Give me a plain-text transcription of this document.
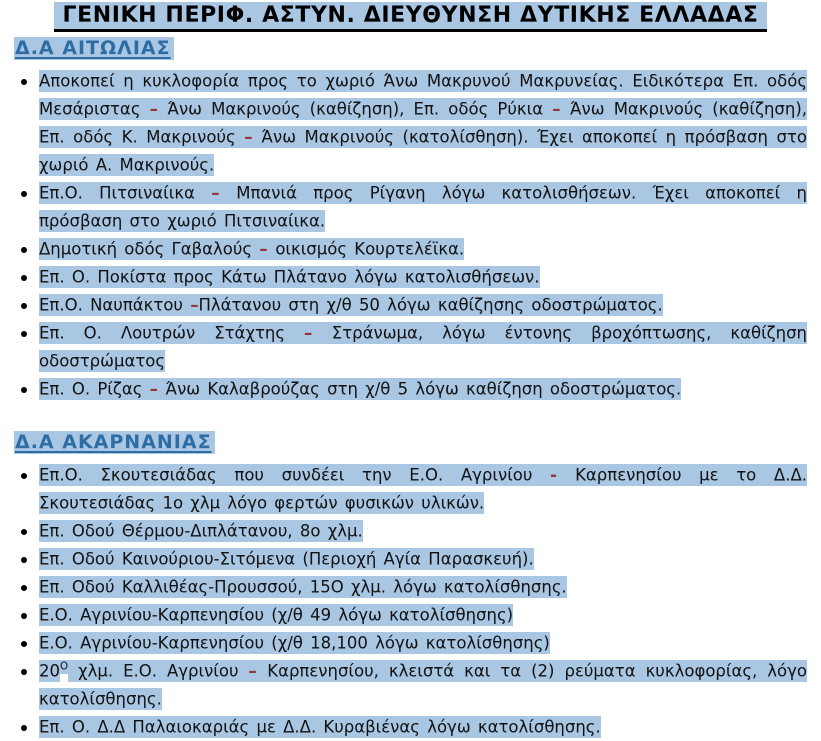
ΓΕΝΙΚΗ ΠΕΡΙΦ. ΑΣΤΥΝ. ΔΙΕΥΘΥΝΣΗ ΔΥΤΙΚΗΣ ΕΛΛΑΔΑΣ
Δ.Α ΑΙΤΩΛΙΑΣ
Αποκοπεί η κυκλοφορία προς το χωριό Άνω Μακρυνού Μακρυνείας. Ειδικότερα Επ. οδός Μεσάριστας – Άνω Μακρινούς (καθίζηση), Επ. οδός Ρύκια – Άνω Μακρινούς (καθίζηση), Επ. οδός Κ. Μακρινούς – Άνω Μακρινούς (κατολίσθηση). Έχει αποκοπεί η πρόσβαση στο χωριό Α. Μακρινούς.
Επ.Ο. Πιτσιναίικα – Μπανιά προς Ρίγανη λόγω κατολισθήσεων. Έχει αποκοπεί η πρόσβαση στο χωριό Πιτσιναίικα.
Δημοτική οδός Γαβαλούς – οικισμός Κουρτελέϊκα.
Επ. Ο. Ποκίστα προς Κάτω Πλάτανο λόγω κατολισθήσεων.
Επ.Ο. Ναυπάκτου –Πλάτανου στη χ/θ 50 λόγω καθίζησης οδοστρώματος.
Επ. Ο. Λουτρών Στάχτης – Στράνωμα, λόγω έντονης βροχόπτωσης, καθίζηση οδοστρώματος
Επ. Ο. Ρίζας – Άνω Καλαβρούζας στη χ/θ 5 λόγω καθίζηση οδοστρώματος.
Δ.Α ΑΚΑΡΝΑΝΙΑΣ
Επ.Ο. Σκουτεσιάδας που συνδέει την Ε.Ο. Αγρινίου - Καρπενησίου με το Δ.Δ. Σκουτεσιάδας 1ο χλμ λόγο φερτών φυσικών υλικών.
Επ. Οδού Θέρμου-Διπλάτανου, 8ο χλμ.
Επ. Οδού Καινούριου-Σιτόμενα (Περιοχή Αγία Παρασκευή).
Επ. Οδού Καλλιθέας-Προυσσού, 15Ο χλμ. λόγω κατολίσθησης.
Ε.Ο. Αγρινίου-Καρπενησίου (χ/θ 49 λόγω κατολίσθησης)
Ε.Ο. Αγρινίου-Καρπενησίου (χ/θ 18,100 λόγω κατολίσθησης)
$20^O$ χλμ. Ε.Ο. Αγρινίου – Καρπενησίου, κλειστά και τα (2) ρεύματα κυκλοφορίας, λόγο κατολίσθησης.
Επ. Ο. Δ.Δ Παλαιοκαριάς με Δ.Δ. Κυραβιένας λόγω κατολίσθησης.
